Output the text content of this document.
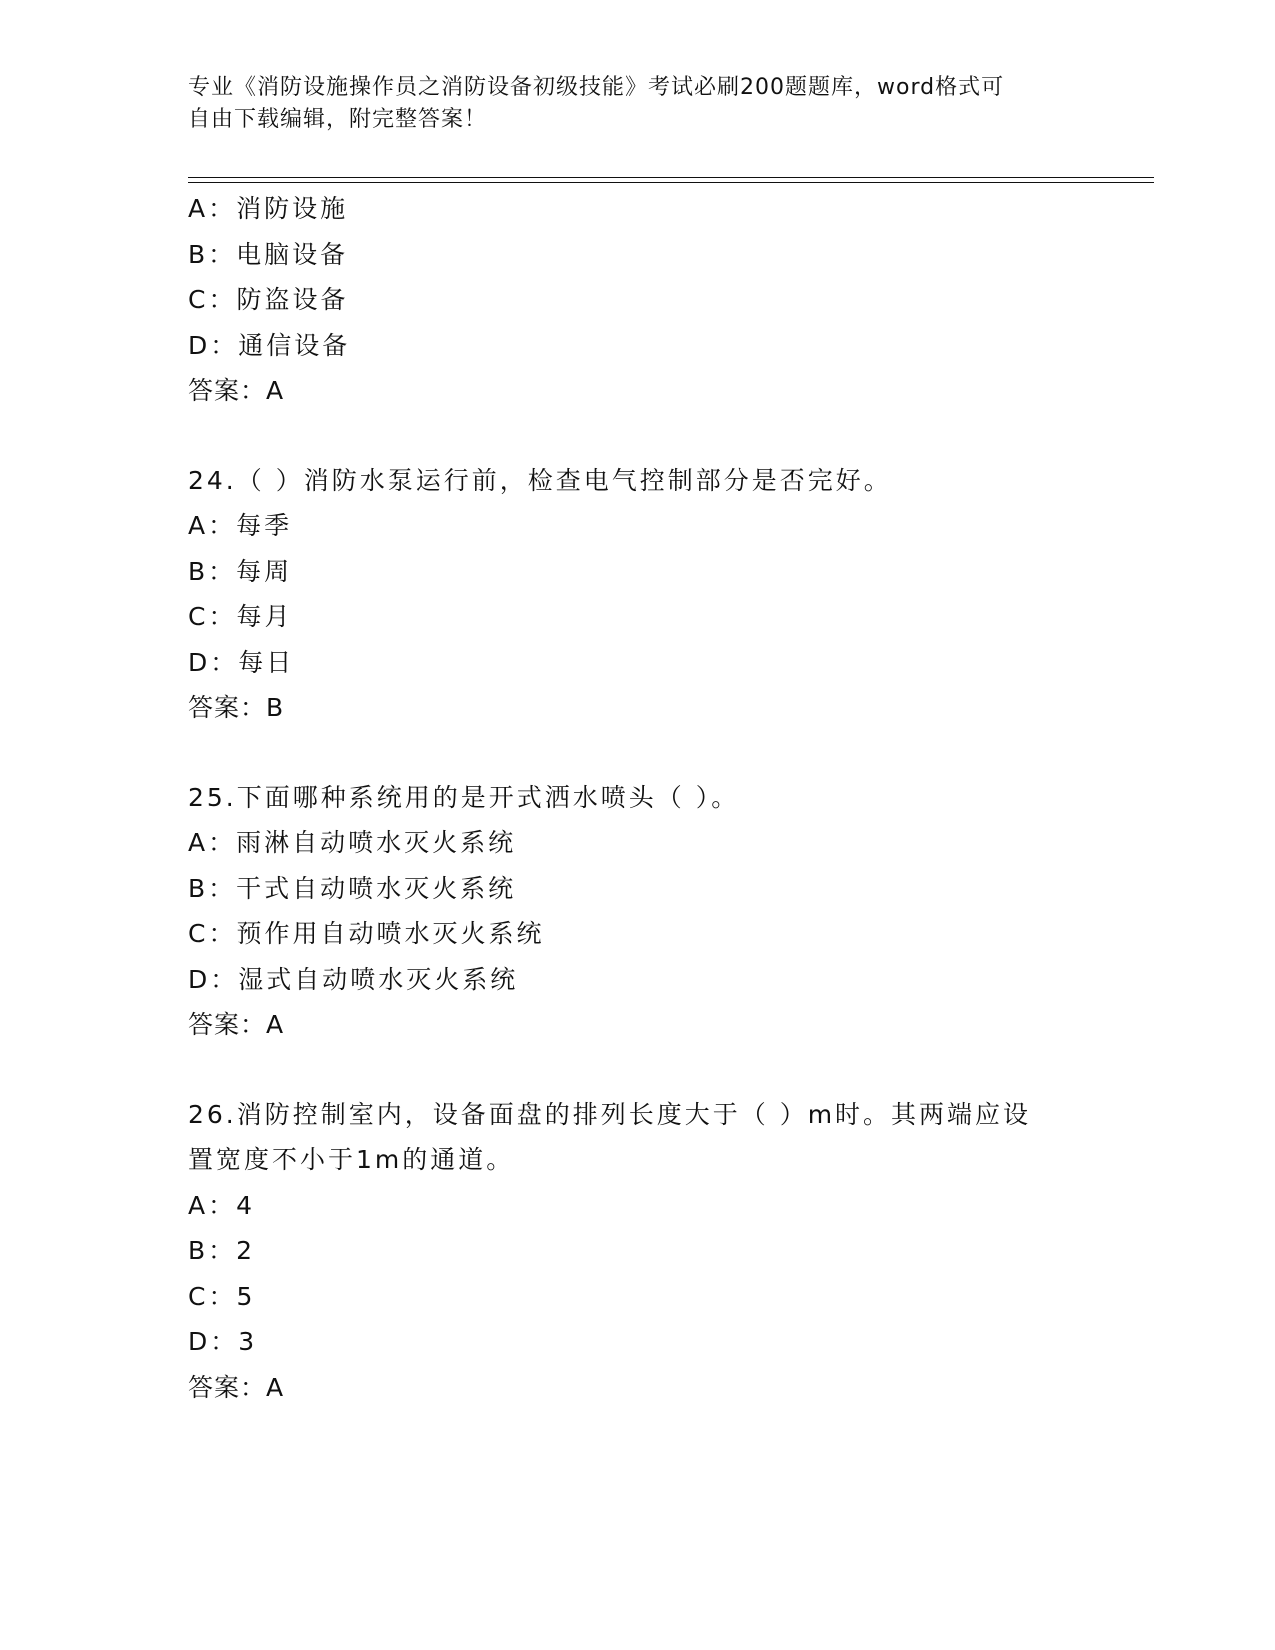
专业《消防设施操作员之消防设备初级技能》考试必刷200题题库，word格式可
自由下载编辑，附完整答案！
A：消防设施
B：电脑设备
C：防盗设备
D：通信设备
答案：A
24.（ ）消防水泵运行前，检查电气控制部分是否完好。
A：每季
B：每周
C：每月
D：每日
答案：B
25.下面哪种系统用的是开式洒水喷头（ ）。
A：雨淋自动喷水灭火系统
B：干式自动喷水灭火系统
C：预作用自动喷水灭火系统
D：湿式自动喷水灭火系统
答案：A
26.消防控制室内，设备面盘的排列长度大于（ ）m时。其两端应设
置宽度不小于1m的通道。
A：4
B：2
C：5
D：3
答案：A
